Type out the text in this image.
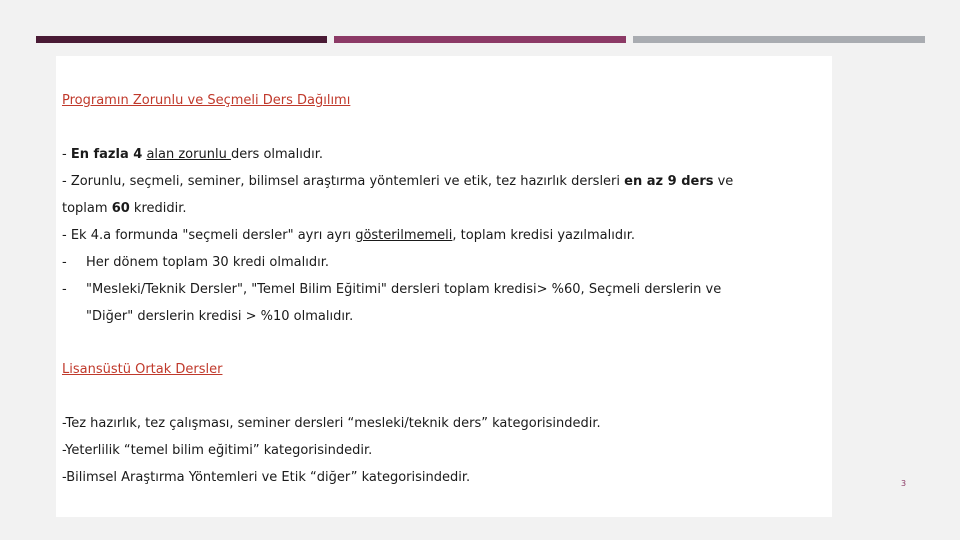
Programın Zorunlu ve Seçmeli Ders Dağılımı
- En fazla 4 alan zorunlu ders olmalıdır.
- Zorunlu, seçmeli, seminer, bilimsel araştırma yöntemleri ve etik, tez hazırlık dersleri en az 9 ders ve
toplam 60 kredidir.
- Ek 4.a formunda "seçmeli dersler" ayrı ayrı gösterilmemeli, toplam kredisi yazılmalıdır.
- Her dönem toplam 30 kredi olmalıdır.
- "Mesleki/Teknik Dersler", "Temel Bilim Eğitimi" dersleri toplam kredisi> %60, Seçmeli derslerin ve
"Diğer" derslerin kredisi > %10 olmalıdır.
Lisansüstü Ortak Dersler
-Tez hazırlık, tez çalışması, seminer dersleri “mesleki/teknik ders” kategorisindedir.
-Yeterlilik “temel bilim eğitimi” kategorisindedir.
-Bilimsel Araştırma Yöntemleri ve Etik “diğer” kategorisindedir.	3
